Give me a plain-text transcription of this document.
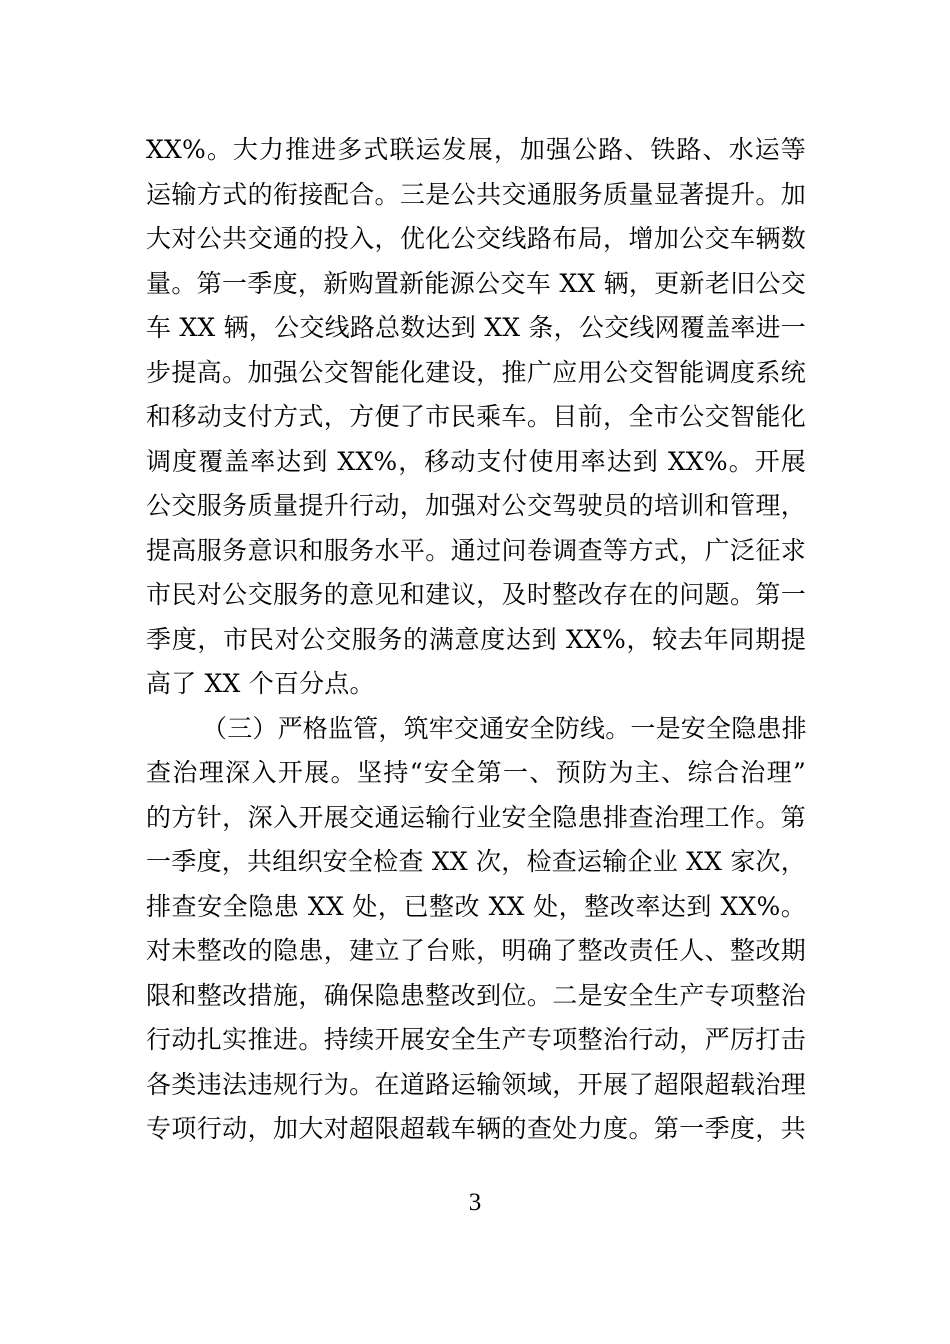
XX%。大力推进多式联运发展，加强公路、铁路、水运等
运输方式的衔接配合。三是公共交通服务质量显著提升。加
大对公共交通的投入，优化公交线路布局，增加公交车辆数
量。第一季度，新购置新能源公交车 XX 辆，更新老旧公交
车 XX 辆，公交线路总数达到 XX 条，公交线网覆盖率进一
步提高。加强公交智能化建设，推广应用公交智能调度系统
和移动支付方式，方便了市民乘车。目前，全市公交智能化
调度覆盖率达到 XX%，移动支付使用率达到 XX%。开展
公交服务质量提升行动，加强对公交驾驶员的培训和管理，
提高服务意识和服务水平。通过问卷调查等方式，广泛征求
市民对公交服务的意见和建议，及时整改存在的问题。第一
季度，市民对公交服务的满意度达到 XX%，较去年同期提
高了 XX 个百分点。
（三）严格监管，筑牢交通安全防线。一是安全隐患排
查治理深入开展。坚持“安全第一、预防为主、综合治理”
的方针，深入开展交通运输行业安全隐患排查治理工作。第
一季度，共组织安全检查 XX 次，检查运输企业 XX 家次，
排查安全隐患 XX 处，已整改 XX 处，整改率达到 XX%。
对未整改的隐患，建立了台账，明确了整改责任人、整改期
限和整改措施，确保隐患整改到位。二是安全生产专项整治
行动扎实推进。持续开展安全生产专项整治行动，严厉打击
各类违法违规行为。在道路运输领域，开展了超限超载治理
专项行动，加大对超限超载车辆的查处力度。第一季度，共
3
